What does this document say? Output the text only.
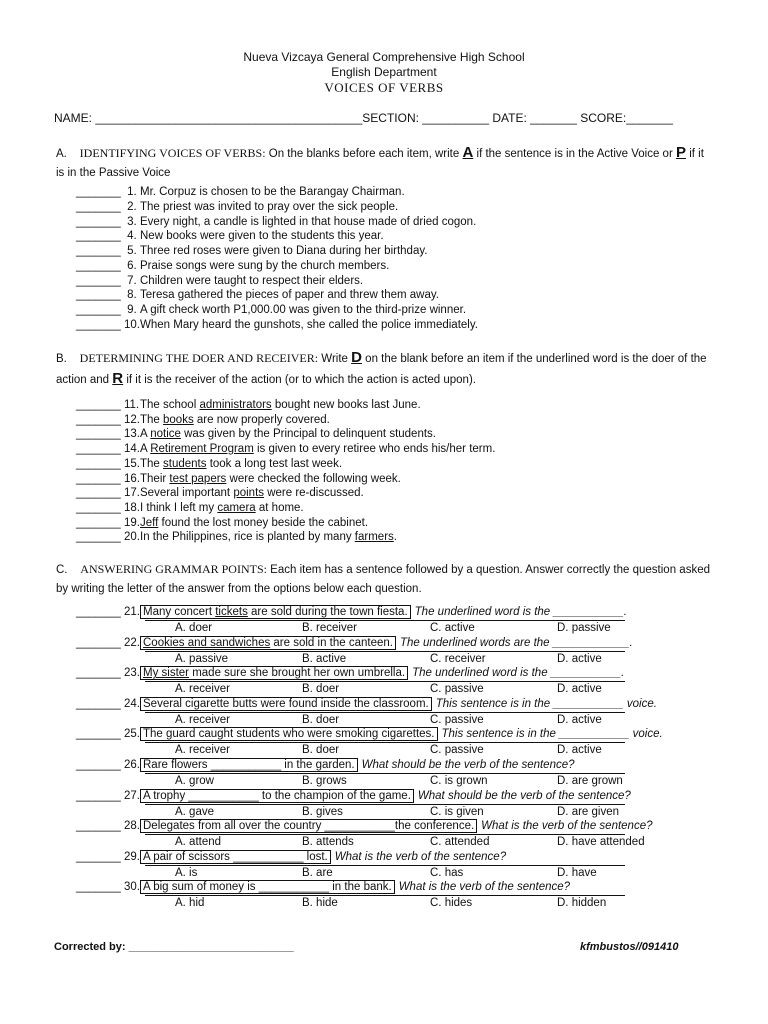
Nueva Vizcaya General Comprehensive High School
English Department
VOICES OF VERBS
NAME: ________________________________________SECTION: __________ DATE: _______ SCORE:_______
A. IDENTIFYING VOICES OF VERBS: On the blanks before each item, write A if the sentence is in the Active Voice or P if it is in the Passive Voice
_______  1. Mr. Corpuz is chosen to be the Barangay Chairman.
_______  2. The priest was invited to pray over the sick people.
_______  3. Every night, a candle is lighted in that house made of dried cogon.
_______  4. New books were given to the students this year.
_______  5. Three red roses were given to Diana during her birthday.
_______  6. Praise songs were sung by the church members.
_______  7. Children were taught to respect their elders.
_______  8. Teresa gathered the pieces of paper and threw them away.
_______  9. A gift check worth P1,000.00 was given to the third-prize winner.
_______ 10.When Mary heard the gunshots, she called the police immediately.
B. DETERMINING THE DOER AND RECEIVER: Write D on the blank before an item if the underlined word is the doer of the action and R if it is the receiver of the action (or to which the action is acted upon).
_______ 11.The school administrators bought new books last June.
_______ 12.The books are now properly covered.
_______ 13.A notice was given by the Principal to delinquent students.
_______ 14.A Retirement Program is given to every retiree who ends his/her term.
_______ 15.The students took a long test last week.
_______ 16.Their test papers were checked the following week.
_______ 17.Several important points were re-discussed.
_______ 18.I think I left my camera at home.
_______ 19.Jeff found the lost money beside the cabinet.
_______ 20.In the Philippines, rice is planted by many farmers.
C. ANSWERING GRAMMAR POINTS: Each item has a sentence followed by a question. Answer correctly the question asked by writing the letter of the answer from the options below each question.
_______ 21. Many concert tickets are sold during the town fiesta. The underlined word is the ___________.
A. doer	B. receiver	C. active	D. passive
_______ 22. Cookies and sandwiches are sold in the canteen. The underlined words are the ____________.
A. passive	B. active	C. receiver	D. active
_______ 23. My sister made sure she brought her own umbrella. The underlined word is the ___________.
A. receiver	B. doer	C. passive	D. active
_______ 24. Several cigarette butts were found inside the classroom. This sentence is in the ___________ voice.
A. receiver	B. doer	C. passive	D. active
_______ 25. The guard caught students who were smoking cigarettes. This sentence is in the ___________ voice.
A. receiver	B. doer	C. passive	D. active
_______ 26. Rare flowers ___________ in the garden. What should be the verb of the sentence?
A. grow	B. grows	C. is grown	D. are grown
_______ 27. A trophy ___________ to the champion of the game. What should be the verb of the sentence?
A. gave	B. gives	C. is given	D. are given
_______ 28. Delegates from all over the country ___________the conference. What is the verb of the sentence?
A. attend	B. attends	C. attended	D. have attended
_______ 29. A pair of scissors ___________ lost. What is the verb of the sentence?
A. is	B. are	C. has	D. have
_______ 30. A big sum of money is ___________ in the bank. What is the verb of the sentence?
A. hid	B. hide	C. hides	D. hidden
Corrected by: ___________________________	kfmbustos//091410
